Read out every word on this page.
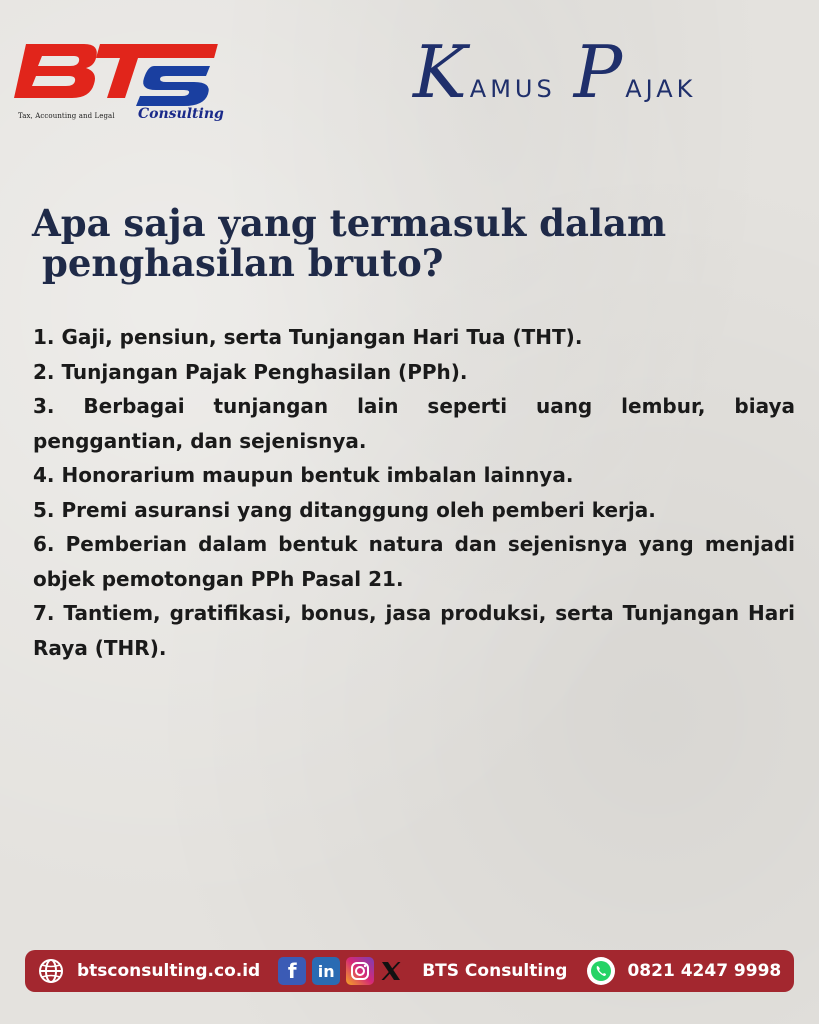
Tax, Accounting and Legal Consulting	KAMUS PAJAK
Apa saja yang termasuk dalam
penghasilan bruto?
1. Gaji, pensiun, serta Tunjangan Hari Tua (THT).
2. Tunjangan Pajak Penghasilan (PPh).
3. Berbagai tunjangan lain seperti uang lembur, biaya penggantian, dan sejenisnya.
4. Honorarium maupun bentuk imbalan lainnya.
5. Premi asuransi yang ditanggung oleh pemberi kerja.
6. Pemberian dalam bentuk natura dan sejenisnya yang menjadi objek pemotongan PPh Pasal 21.
7. Tantiem, gratifikasi, bonus, jasa produksi, serta Tunjangan Hari Raya (THR).
btsconsulting.co.id	f	in	BTS Consulting	0821 4247 9998
